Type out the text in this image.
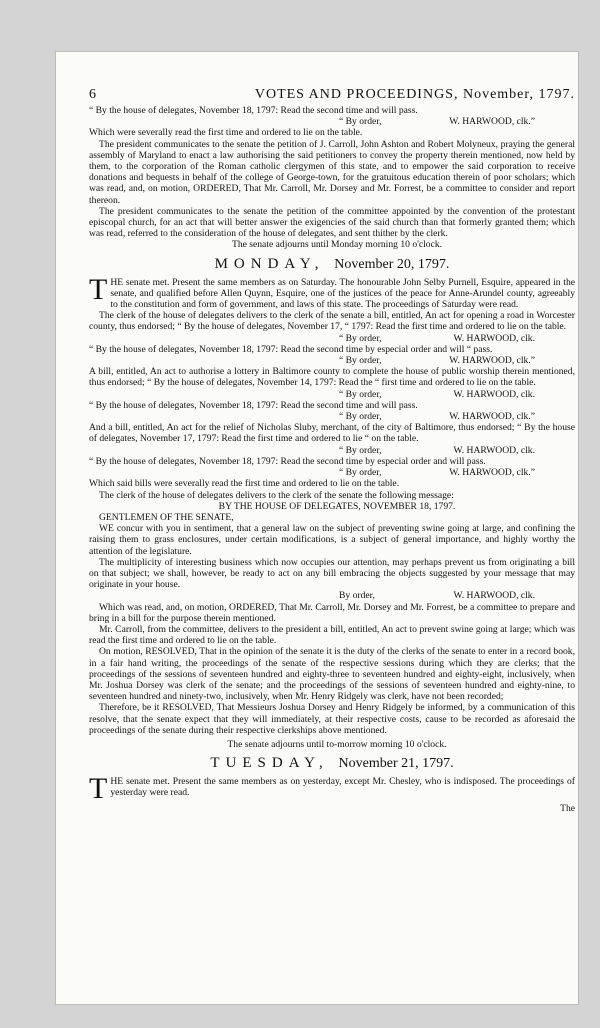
6	VOTES AND PROCEEDINGS, November, 1797.

“ By the house of delegates, November 18, 1797: Read the second time and will pass.

“ By order,	W. HARWOOD, clk.”

Which were severally read the first time and ordered to lie on the table.

The president communicates to the senate the petition of J. Carroll, John Ashton and Robert Molyneux, praying the general assembly of Maryland to enact a law authorising the said petitioners to convey the property therein mentioned, now held by them, to the corporation of the Roman catholic clergymen of this state, and to empower the said corporation to receive donations and bequests in behalf of the college of George-town, for the gratuitous education therein of poor scholars; which was read, and, on motion, ORDERED, That Mr. Carroll, Mr. Dorsey and Mr. Forrest, be a committee to consider and report thereon.

The president communicates to the senate the petition of the committee appointed by the convention of the protestant episcopal church, for an act that will better answer the exigencies of the said church than that formerly granted them; which was read, referred to the consideration of the house of delegates, and sent thither by the clerk.

The senate adjourns until Monday morning 10 o'clock.

MONDAY, November 20, 1797.

THE senate met. Present the same members as on Saturday. The honourable John Selby Purnell, Esquire, appeared in the senate, and qualified before Allen Quynn, Esquire, one of the justices of the peace for Anne-Arundel county, agreeably to the constitution and form of government, and laws of this state. The proceedings of Saturday were read.

The clerk of the house of delegates delivers to the clerk of the senate a bill, entitled, An act for opening a road in Worcester county, thus endorsed; “ By the house of delegates, November 17, “ 1797: Read the first time and ordered to lie on the table.

“ By order,	W. HARWOOD, clk.

“ By the house of delegates, November 18, 1797: Read the second time by especial order and will “ pass.

“ By order,	W. HARWOOD, clk.”

A bill, entitled, An act to authorise a lottery in Baltimore county to complete the house of public worship therein mentioned, thus endorsed; “ By the house of delegates, November 14, 1797: Read the “ first time and ordered to lie on the table.

“ By order,	W. HARWOOD, clk.

“ By the house of delegates, November 18, 1797: Read the second time and will pass.

“ By order,	W. HARWOOD, clk.”

And a bill, entitled, An act for the relief of Nicholas Sluby, merchant, of the city of Baltimore, thus endorsed; “ By the house of delegates, November 17, 1797: Read the first time and ordered to lie “ on the table.

“ By order,	W. HARWOOD, clk.

“ By the house of delegates, November 18, 1797: Read the second time by especial order and will pass.

“ By order,	W. HARWOOD, clk.”

Which said bills were severally read the first time and ordered to lie on the table.

The clerk of the house of delegates delivers to the clerk of the senate the following message:

BY THE HOUSE OF DELEGATES, NOVEMBER 18, 1797.

GENTLEMEN OF THE SENATE,

WE concur with you in sentiment, that a general law on the subject of preventing swine going at large, and confining the raising them to grass enclosures, under certain modifications, is a subject of general importance, and highly worthy the attention of the legislature.

The multiplicity of interesting business which now occupies our attention, may perhaps prevent us from originating a bill on that subject; we shall, however, be ready to act on any bill embracing the objects suggested by your message that may originate in your house.

By order,	W. HARWOOD, clk.

Which was read, and, on motion, ORDERED, That Mr. Carroll, Mr. Dorsey and Mr. Forrest, be a committee to prepare and bring in a bill for the purpose therein mentioned.

Mr. Carroll, from the committee, delivers to the president a bill, entitled, An act to prevent swine going at large; which was read the first time and ordered to lie on the table.

On motion, RESOLVED, That in the opinion of the senate it is the duty of the clerks of the senate to enter in a record book, in a fair hand writing, the proceedings of the senate of the respective sessions during which they are clerks; that the proceedings of the sessions of seventeen hundred and eighty-three to seventeen hundred and eighty-eight, inclusively, when Mr. Joshua Dorsey was clerk of the senate; and the proceedings of the sessions of seventeen hundred and eighty-nine, to seventeen hundred and ninety-two, inclusively, when Mr. Henry Ridgely was clerk, have not been recorded;

Therefore, be it RESOLVED, That Messieurs Joshua Dorsey and Henry Ridgely be informed, by a communication of this resolve, that the senate expect that they will immediately, at their respective costs, cause to be recorded as aforesaid the proceedings of the senate during their respective clerkships above mentioned.

The senate adjourns until to-morrow morning 10 o'clock.

TUESDAY, November 21, 1797.

THE senate met. Present the same members as on yesterday, except Mr. Chesley, who is indisposed. The proceedings of yesterday were read.

The
